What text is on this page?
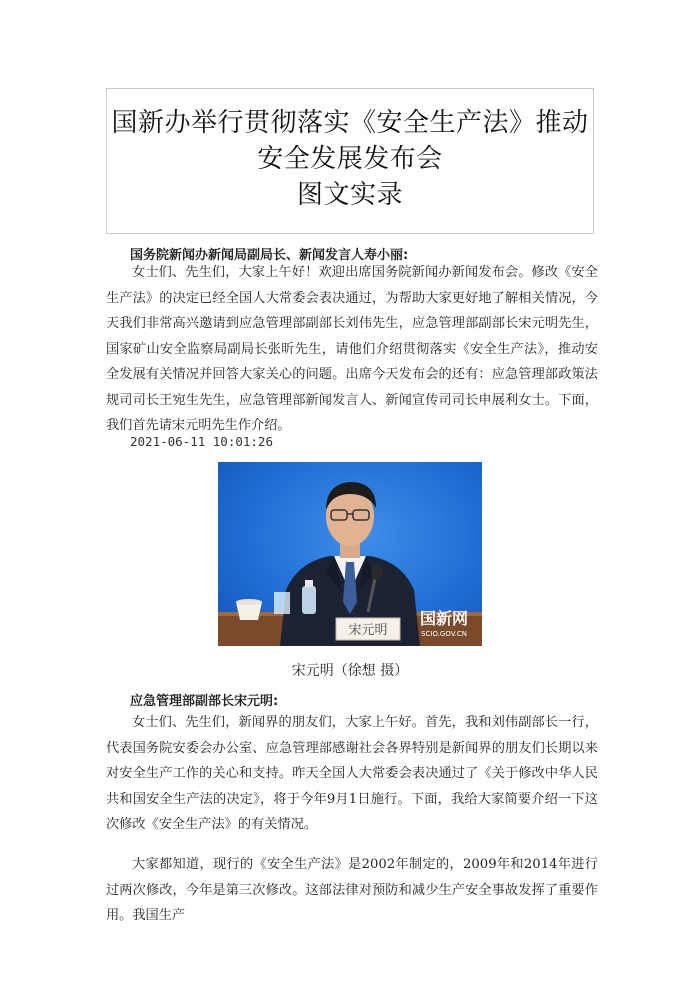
国新办举行贯彻落实《安全生产法》推动
安全发展发布会
图文实录
国务院新闻办新闻局副局长、新闻发言人寿小丽:

女士们、先生们，大家上午好！欢迎出席国务院新闻办新闻发布会。修改《安全生产法》的决定已经全国人大常委会表决通过，为帮助大家更好地了解相关情况，今天我们非常高兴邀请到应急管理部副部长刘伟先生，应急管理部副部长宋元明先生，国家矿山安全监察局副局长张昕先生，请他们介绍贯彻落实《安全生产法》，推动安全发展有关情况并回答大家关心的问题。出席今天发布会的还有：应急管理部政策法规司司长王宛生先生，应急管理部新闻发言人、新闻宣传司司长申展利女士。下面，我们首先请宋元明先生作介绍。

2021-06-11 10:01:26
宋元明
国新网
SCIO.GOV.CN
宋元明（徐想 摄）
应急管理部副部长宋元明:

女士们、先生们，新闻界的朋友们，大家上午好。首先，我和刘伟副部长一行，代表国务院安委会办公室、应急管理部感谢社会各界特别是新闻界的朋友们长期以来对安全生产工作的关心和支持。昨天全国人大常委会表决通过了《关于修改中华人民共和国安全生产法的决定》，将于今年9月1日施行。下面，我给大家简要介绍一下这次修改《安全生产法》的有关情况。

大家都知道，现行的《安全生产法》是2002年制定的，2009年和2014年进行过两次修改，今年是第三次修改。这部法律对预防和减少生产安全事故发挥了重要作用。我国生产
